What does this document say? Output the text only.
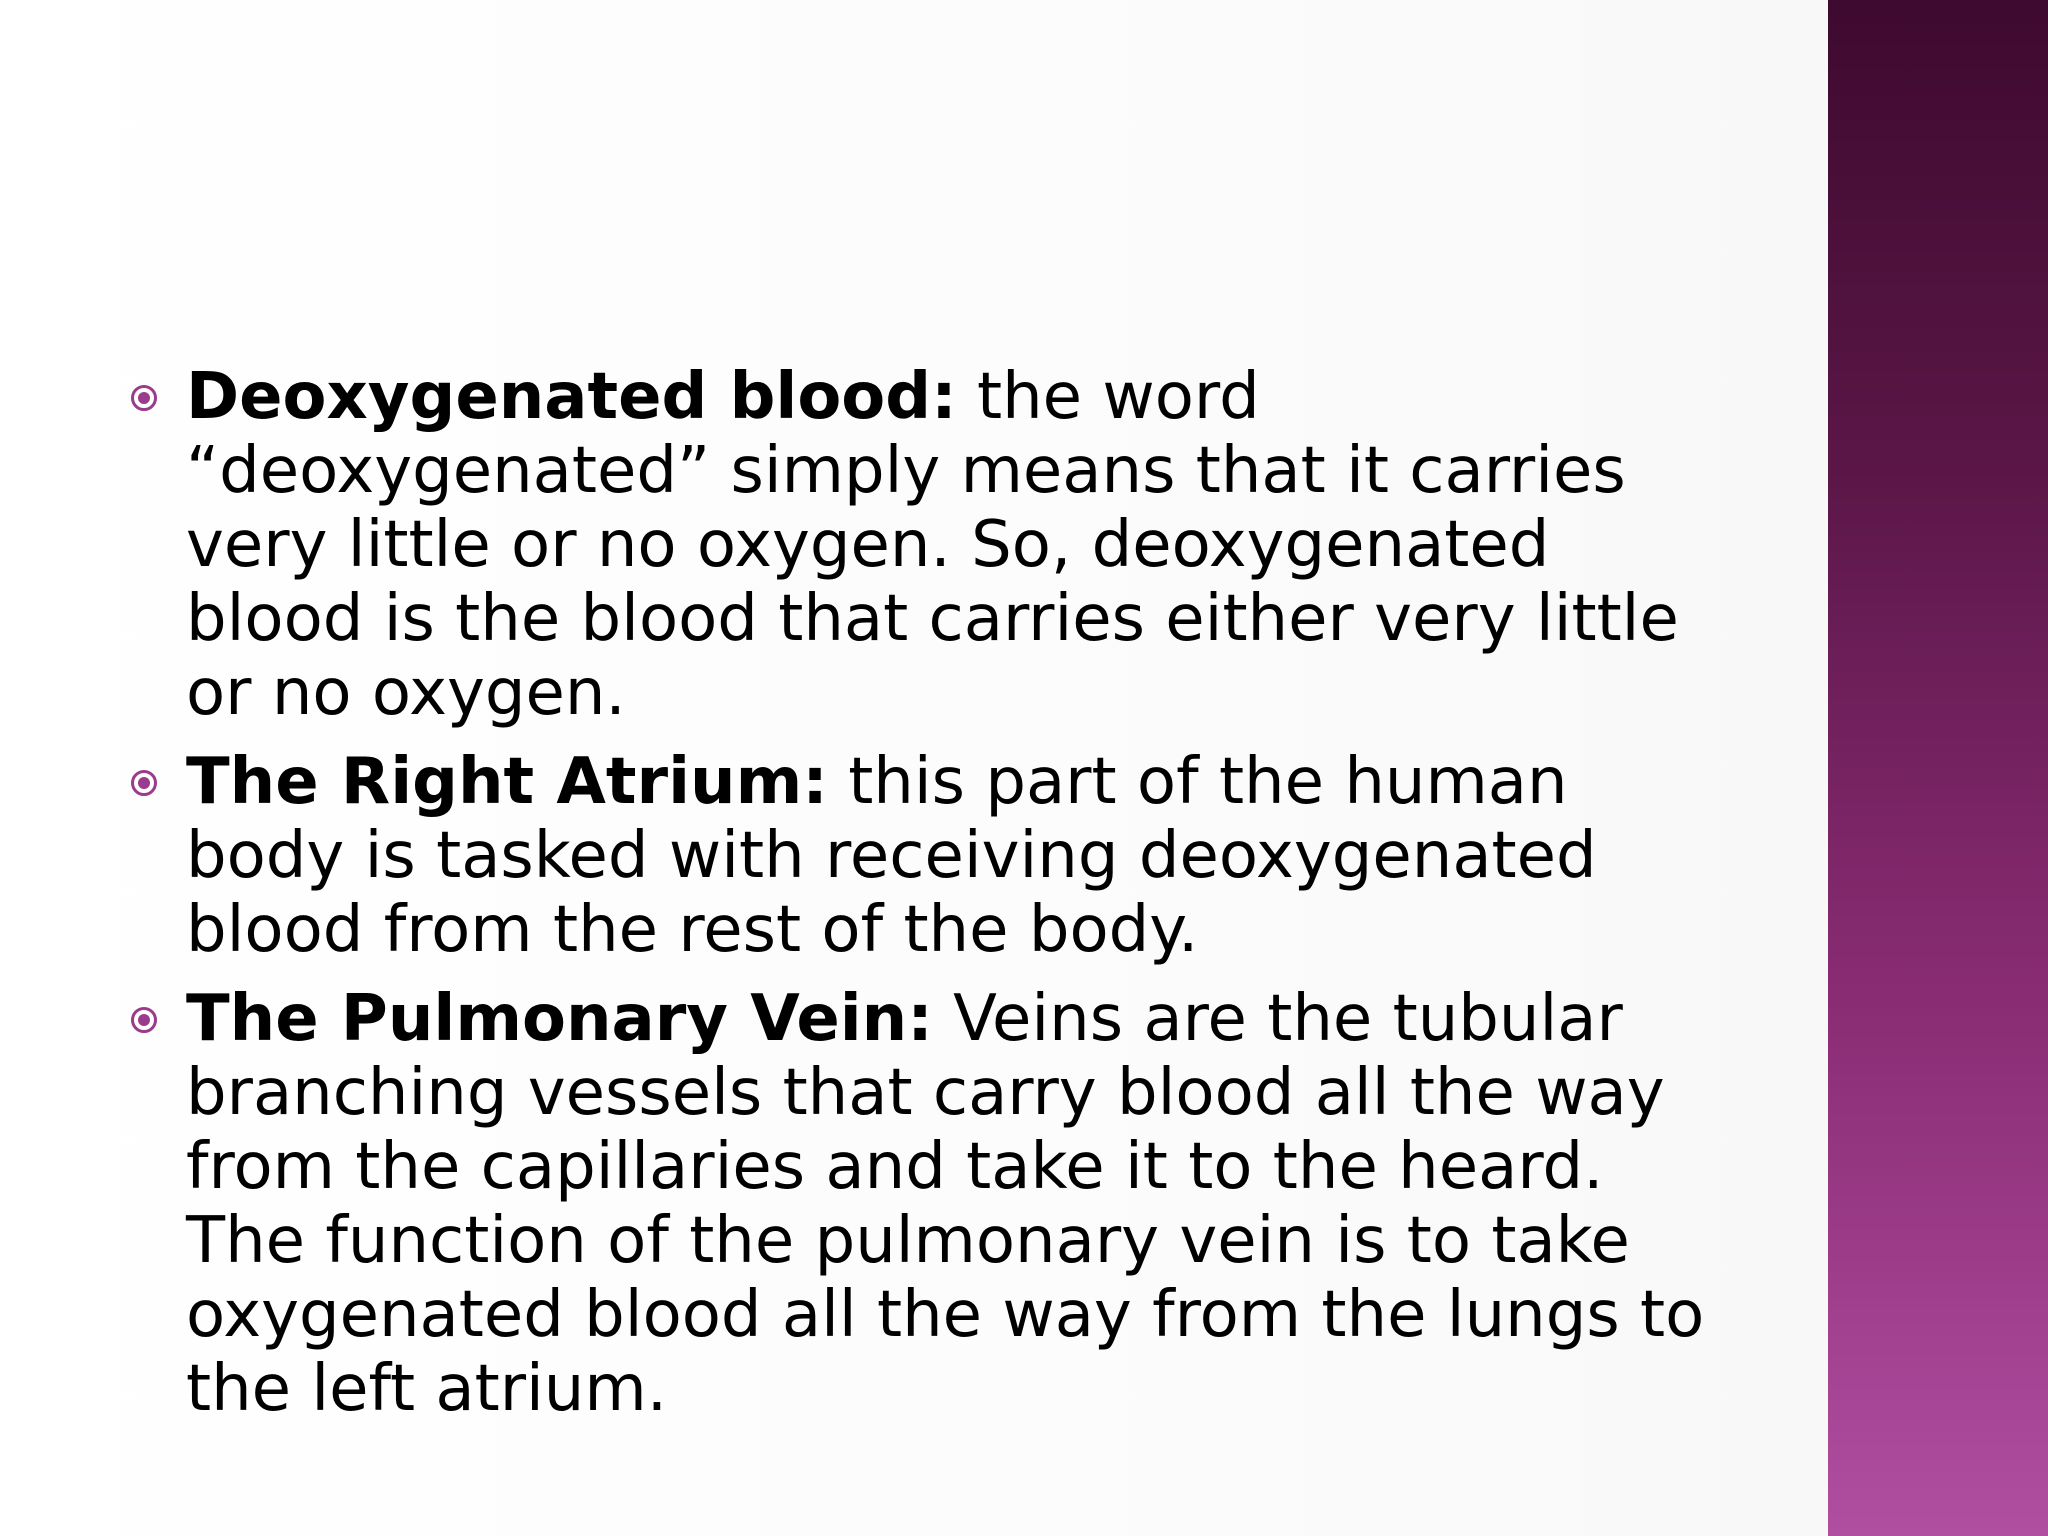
Deoxygenated blood: the word “deoxygenated” simply means that it carries very little or no oxygen. So, deoxygenated blood is the blood that carries either very little or no oxygen.
The Right Atrium: this part of the human body is tasked with receiving deoxygenated blood from the rest of the body.
The Pulmonary Vein: Veins are the tubular branching vessels that carry blood all the way from the capillaries and take it to the heard. The function of the pulmonary vein is to take oxygenated blood all the way from the lungs to the left atrium.
